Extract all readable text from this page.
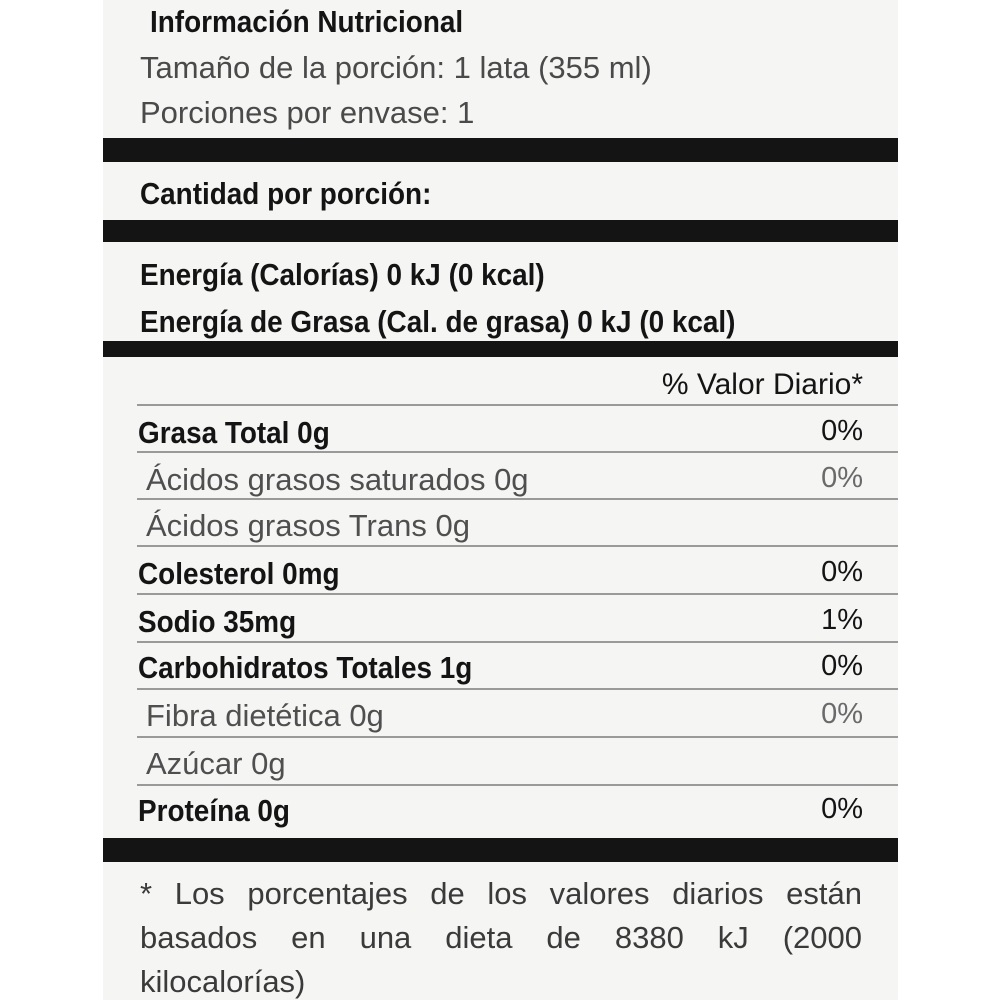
Información Nutricional
Tamaño de la porción: 1 lata (355 ml)
Porciones por envase: 1
Cantidad por porción:
Energía (Calorías) 0 kJ (0 kcal)
Energía de Grasa (Cal. de grasa) 0 kJ (0 kcal)
% Valor Diario*
Grasa Total 0g	0%
Ácidos grasos saturados 0g	0%
Ácidos grasos Trans 0g
Colesterol 0mg	0%
Sodio 35mg	1%
Carbohidratos Totales 1g	0%
Fibra dietética 0g	0%
Azúcar 0g
Proteína 0g	0%
* Los porcentajes de los valores diarios están
basados en una dieta de 8380 kJ (2000
kilocalorías)
